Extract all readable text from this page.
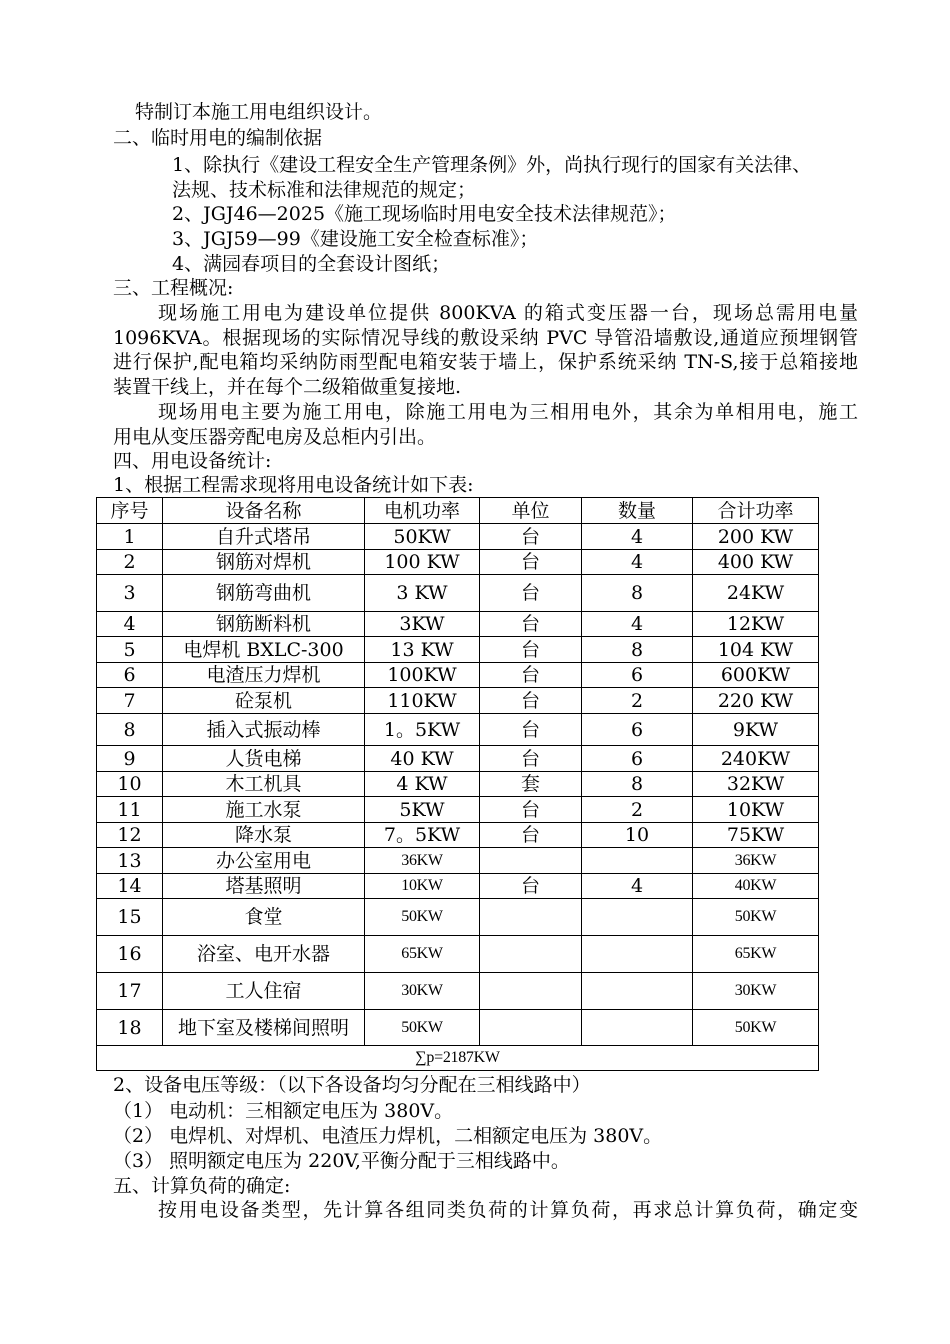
特制订本施工用电组织设计。
二、临时用电的编制依据
1、除执行《建设工程安全生产管理条例》外，尚执行现行的国家有关法律、
法规、技术标准和法律规范的规定；
2、JGJ46—2025《施工现场临时用电安全技术法律规范》；
3、JGJ59—99《建设施工安全检查标准》；
4、满园春项目的全套设计图纸；
三、工程概况:
现场施工用电为建设单位提供 800KVA 的箱式变压器一台，现场总需用电量
1096KVA。根据现场的实际情况导线的敷设采纳 PVC 导管沿墙敷设,通道应预埋钢管
进行保护,配电箱均采纳防雨型配电箱安装于墙上，保护系统采纳 TN-S,接于总箱接地
装置干线上，并在每个二级箱做重复接地.
现场用电主要为施工用电，除施工用电为三相用电外，其余为单相用电，施工
用电从变压器旁配电房及总柜内引出。
四、用电设备统计:
1、根据工程需求现将用电设备统计如下表:
序号	设备名称	电机功率	单位	数量	合计功率
1	自升式塔吊	50KW	台	4	200 KW
2	钢筋对焊机	100 KW	台	4	400 KW
3	钢筋弯曲机	3 KW	台	8	24KW
4	钢筋断料机	3KW	台	4	12KW
5	电焊机 BXLC-300	13 KW	台	8	104 KW
6	电渣压力焊机	100KW	台	6	600KW
7	砼泵机	110KW	台	2	220 KW
8	插入式振动棒	1。5KW	台	6	9KW
9	人货电梯	40 KW	台	6	240KW
10	木工机具	4 KW	套	8	32KW
11	施工水泵	5KW	台	2	10KW
12	降水泵	7。5KW	台	10	75KW
13	办公室用电	36KW			36KW
14	塔基照明	10KW	台	4	40KW
15	食堂	50KW			50KW
16	浴室、电开水器	65KW			65KW
17	工人住宿	30KW			30KW
18	地下室及楼梯间照明	50KW			50KW
∑p=2187KW					
2、设备电压等级：（以下各设备均匀分配在三相线路中）
（1） 电动机：三相额定电压为 380V。
（2） 电焊机、对焊机、电渣压力焊机，二相额定电压为 380V。
（3） 照明额定电压为 220V,平衡分配于三相线路中。
五、计算负荷的确定:
按用电设备类型，先计算各组同类负荷的计算负荷，再求总计算负荷，确定变
